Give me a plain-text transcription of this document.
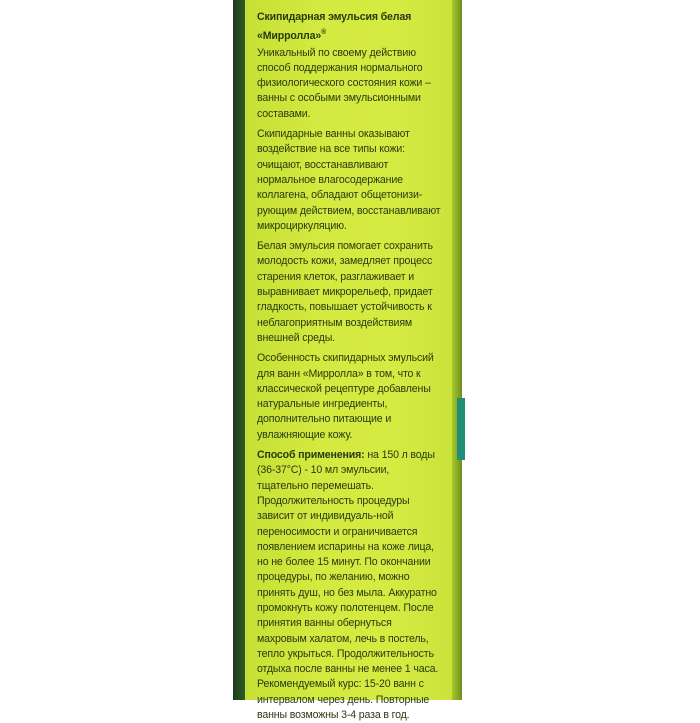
Скипидарная эмульсия белая
«Мирролла»®

Уникальный по своему действию способ поддержания нормального физиологического состояния кожи – ванны с особыми эмульсионными составами.

Скипидарные ванны оказывают воздействие на все типы кожи: очищают, восстанавливают нормальное влагосодержание коллагена, обладают общетонизи-рующим действием, восстанавливают микроциркуляцию.

Белая эмульсия помогает сохранить молодость кожи, замедляет процесс старения клеток, разглаживает и выравнивает микрорельеф, придает гладкость, повышает устойчивость к неблагоприятным воздействиям внешней среды.

Особенность скипидарных эмульсий для ванн «Мирролла» в том, что к классической рецептуре добавлены натуральные ингредиенты, дополнительно питающие и увлажняющие кожу.

Способ применения: на 150 л воды (36-37°С) - 10 мл эмульсии, тщательно перемешать. Продолжительность процедуры зависит от индивидуаль-ной переносимости и ограничивается появлением испарины на коже лица, но не более 15 минут. По окончании процедуры, по желанию, можно принять душ, но без мыла. Аккуратно промокнуть кожу полотенцем. После принятия ванны обернуться махровым халатом, лечь в постель, тепло укрыться. Продолжительность отдыха после ванны не менее 1 часа. Рекомендуемый курс: 15-20 ванн с интервалом через день. Повторные ванны возможны 3-4 раза в год.
